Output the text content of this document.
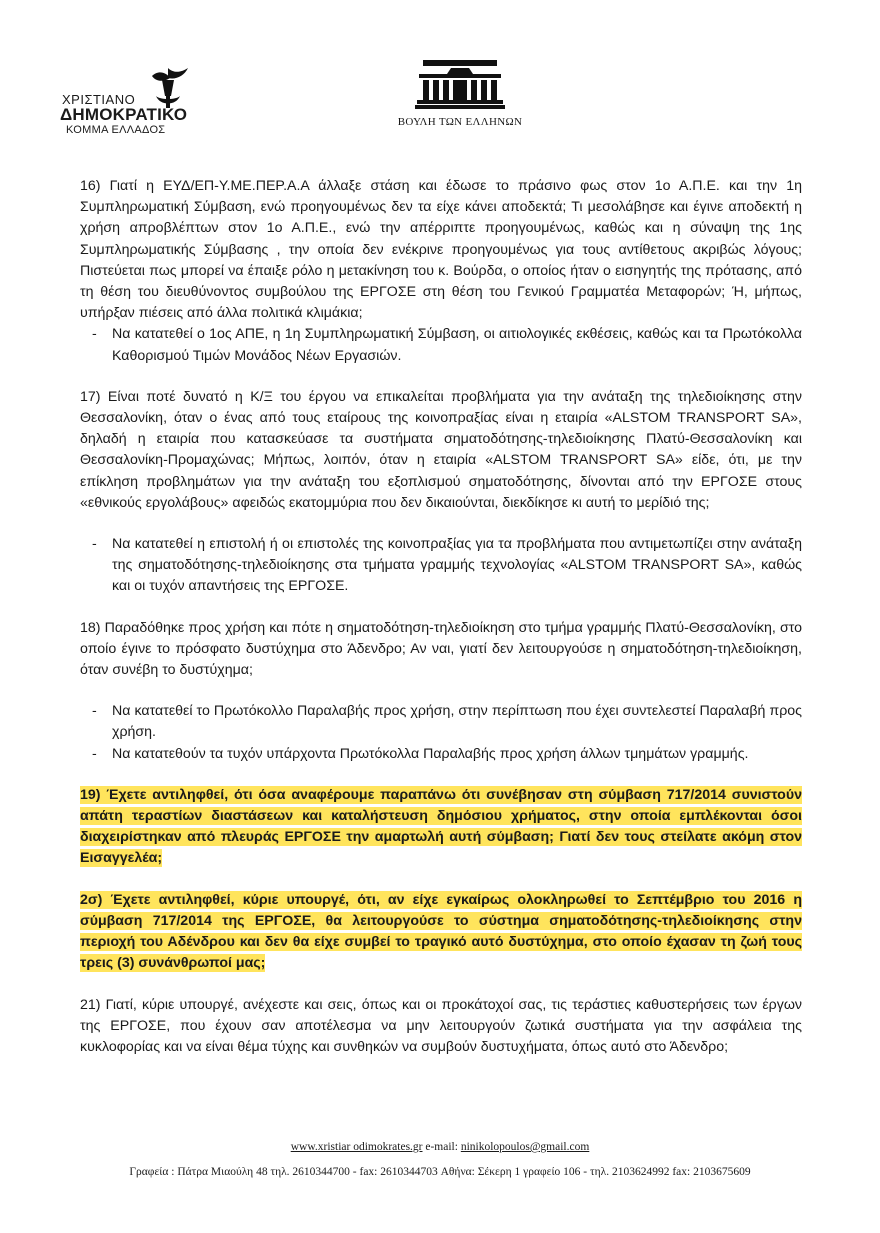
ΧΡΙΣΤΙΑΝΟ
ΔΗΜΟΚΡΑΤΙΚΟ
ΚΟΜΜΑ ΕΛΛΑΔΟΣ
ΒΟΥΛΗ ΤΩΝ ΕΛΛΗΝΩΝ

16) Γιατί η ΕΥΔ/ΕΠ-Υ.ΜΕ.ΠΕΡ.Α.Α άλλαξε στάση και έδωσε το πράσινο φως στον 1ο Α.Π.Ε. και την 1η Συμπληρωματική Σύμβαση, ενώ προηγουμένως δεν τα είχε κάνει αποδεκτά; Τι μεσολάβησε και έγινε αποδεκτή η χρήση απροβλέπτων στον 1ο Α.Π.Ε., ενώ την απέρριπτε προηγουμένως, καθώς και η σύναψη της 1ης Συμπληρωματικής Σύμβασης , την οποία δεν ενέκρινε προηγουμένως για τους αντίθετους ακριβώς λόγους; Πιστεύεται πως μπορεί να έπαιξε ρόλο η μετακίνηση του κ. Βούρδα, ο οποίος ήταν ο εισηγητής της πρότασης, από τη θέση του διευθύνοντος συμβούλου της ΕΡΓΟΣΕ στη θέση του Γενικού Γραμματέα Μεταφορών; Ή, μήπως, υπήρξαν πιέσεις από άλλα πολιτικά κλιμάκια;

- Να κατατεθεί ο 1ος ΑΠΕ, η 1η Συμπληρωματική Σύμβαση, οι αιτιολογικές εκθέσεις, καθώς και τα Πρωτόκολλα Καθορισμού Τιμών Μονάδος Νέων Εργασιών.

17) Είναι ποτέ δυνατό η Κ/Ξ του έργου να επικαλείται προβλήματα για την ανάταξη της τηλεδιοίκησης στην Θεσσαλονίκη, όταν ο ένας από τους εταίρους της κοινοπραξίας είναι η εταιρία «ALSTOM TRANSPORT SA», δηλαδή η εταιρία που κατασκεύασε τα συστήματα σηματοδότησης-τηλεδιοίκησης Πλατύ-Θεσσαλονίκη και Θεσσαλονίκη-Προμαχώνας; Μήπως, λοιπόν, όταν η εταιρία «ALSTOM TRANSPORT SA» είδε, ότι, με την επίκληση προβλημάτων για την ανάταξη του εξοπλισμού σηματοδότησης, δίνονται από την ΕΡΓΟΣΕ στους «εθνικούς εργολάβους» αφειδώς εκατομμύρια που δεν δικαιούνται, διεκδίκησε κι αυτή το μερίδιό της;

- Να κατατεθεί η επιστολή ή οι επιστολές της κοινοπραξίας για τα προβλήματα που αντιμετωπίζει στην ανάταξη της σηματοδότησης-τηλεδιοίκησης στα τμήματα γραμμής τεχνολογίας «ALSTOM TRANSPORT SA», καθώς και οι τυχόν απαντήσεις της ΕΡΓΟΣΕ.

18) Παραδόθηκε προς χρήση και πότε η σηματοδότηση-τηλεδιοίκηση στο τμήμα γραμμής Πλατύ-Θεσσαλονίκη, στο οποίο έγινε το πρόσφατο δυστύχημα στο Άδενδρο; Αν ναι, γιατί δεν λειτουργούσε η σηματοδότηση-τηλεδιοίκηση, όταν συνέβη το δυστύχημα;

- Να κατατεθεί το Πρωτόκολλο Παραλαβής προς χρήση, στην περίπτωση που έχει συντελεστεί Παραλαβή προς χρήση.
- Να κατατεθούν τα τυχόν υπάρχοντα Πρωτόκολλα Παραλαβής προς χρήση άλλων τμημάτων γραμμής.

19) Έχετε αντιληφθεί, ότι όσα αναφέρουμε παραπάνω ότι συνέβησαν στη σύμβαση 717/2014 συνιστούν απάτη τεραστίων διαστάσεων και καταλήστευση δημόσιου χρήματος, στην οποία εμπλέκονται όσοι διαχειρίστηκαν από πλευράς ΕΡΓΟΣΕ την αμαρτωλή αυτή σύμβαση; Γιατί δεν τους στείλατε ακόμη στον Εισαγγελέα;

2σ) Έχετε αντιληφθεί, κύριε υπουργέ, ότι, αν είχε εγκαίρως ολοκληρωθεί το Σεπτέμβριο του 2016 η σύμβαση 717/2014 της ΕΡΓΟΣΕ, θα λειτουργούσε το σύστημα σηματοδότησης-τηλεδιοίκησης στην περιοχή του Αδένδρου και δεν θα είχε συμβεί το τραγικό αυτό δυστύχημα, στο οποίο έχασαν τη ζωή τους τρεις (3) συνάνθρωποί μας;

21) Γιατί, κύριε υπουργέ, ανέχεστε και σεις, όπως και οι προκάτοχοί σας, τις τεράστιες καθυστερήσεις των έργων της ΕΡΓΟΣΕ, που έχουν σαν αποτέλεσμα να μην λειτουργούν ζωτικά συστήματα για την ασφάλεια της κυκλοφορίας και να είναι θέμα τύχης και συνθηκών να συμβούν δυστυχήματα, όπως αυτό στο Άδενδρο;

www.xristiar odimokrates.gr e-mail: ninikolopoulos@gmail.com
Γραφεία : Πάτρα Μιαούλη 48 τηλ. 2610344700 - fax: 2610344703 Αθήνα: Σέκερη 1 γραφείο 106 - τηλ. 2103624992 fax: 2103675609
